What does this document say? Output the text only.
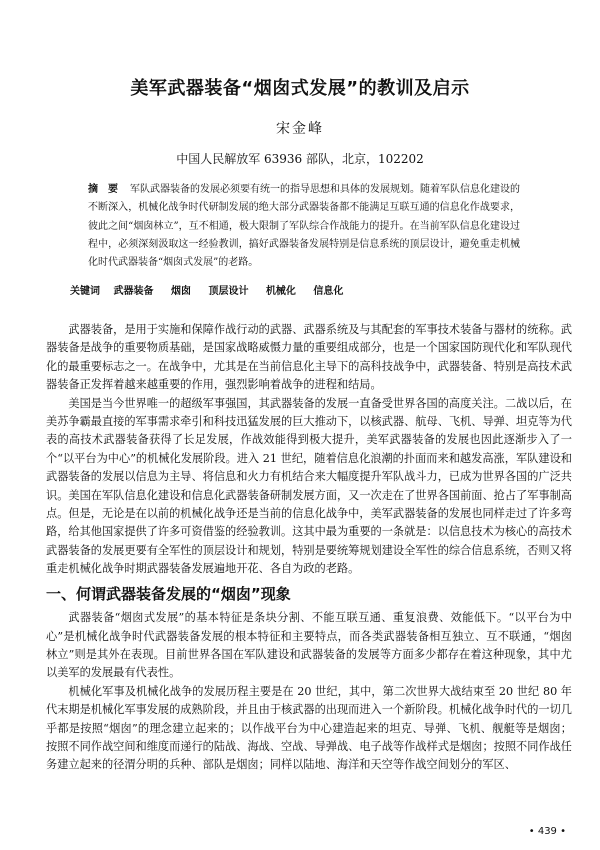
美军武器装备“烟囱式发展”的教训及启示
宋金峰
中国人民解放军 63936 部队，北京，102202
摘　要 军队武器装备的发展必须要有统一的指导思想和具体的发展规划。随着军队信息化建设的不断深入，机械化战争时代研制发展的绝大部分武器装备都不能满足互联互通的信息化作战要求，彼此之间“烟囱林立”，互不相通，极大限制了军队综合作战能力的提升。在当前军队信息化建设过程中，必须深刻汲取这一经验教训，搞好武器装备发展特别是信息系统的顶层设计，避免重走机械化时代武器装备“烟囱式发展”的老路。
关键词 武器装备 烟囱 顶层设计 机械化 信息化

武器装备，是用于实施和保障作战行动的武器、武器系统及与其配套的军事技术装备与器材的统称。武器装备是战争的重要物质基础，是国家战略威慑力量的重要组成部分，也是一个国家国防现代化和军队现代化的最重要标志之一。在战争中，尤其是在当前信息化主导下的高科技战争中，武器装备、特别是高技术武器装备正发挥着越来越重要的作用，强烈影响着战争的进程和结局。

美国是当今世界唯一的超级军事强国，其武器装备的发展一直备受世界各国的高度关注。二战以后，在美苏争霸最直接的军事需求牵引和科技迅猛发展的巨大推动下，以核武器、航母、飞机、导弹、坦克等为代表的高技术武器装备获得了长足发展，作战效能得到极大提升，美军武器装备的发展也因此逐渐步入了一个“以平台为中心”的机械化发展阶段。进入 21 世纪，随着信息化浪潮的扑面而来和越发高涨，军队建设和武器装备的发展以信息为主导、将信息和火力有机结合来大幅度提升军队战斗力，已成为世界各国的广泛共识。美国在军队信息化建设和信息化武器装备研制发展方面，又一次走在了世界各国前面、抢占了军事制高点。但是，无论是在以前的机械化战争还是当前的信息化战争中，美军武器装备的发展也同样走过了许多弯路，给其他国家提供了许多可资借鉴的经验教训。这其中最为重要的一条就是：以信息技术为核心的高技术武器装备的发展更要有全军性的顶层设计和规划，特别是要统筹规划建设全军性的综合信息系统，否则又将重走机械化战争时期武器装备发展遍地开花、各自为政的老路。

一、何谓武器装备发展的“烟囱”现象

武器装备“烟囱式发展”的基本特征是条块分割、不能互联互通、重复浪费、效能低下。“以平台为中心”是机械化战争时代武器装备发展的根本特征和主要特点，而各类武器装备相互独立、互不联通，“烟囱林立”则是其外在表现。目前世界各国在军队建设和武器装备的发展等方面多少都存在着这种现象，其中尤以美军的发展最有代表性。

机械化军事及机械化战争的发展历程主要是在 20 世纪，其中，第二次世界大战结束至 20 世纪 80 年代末期是机械化军事发展的成熟阶段，并且由于核武器的出现而进入一个新阶段。机械化战争时代的一切几乎都是按照“烟囱”的理念建立起来的；以作战平台为中心建造起来的坦克、导弹、飞机、舰艇等是烟囱；按照不同作战空间和维度而递行的陆战、海战、空战、导弹战、电子战等作战样式是烟囱；按照不同作战任务建立起来的径渭分明的兵种、部队是烟囱；同样以陆地、海洋和天空等作战空间划分的军区、

• 439 •
